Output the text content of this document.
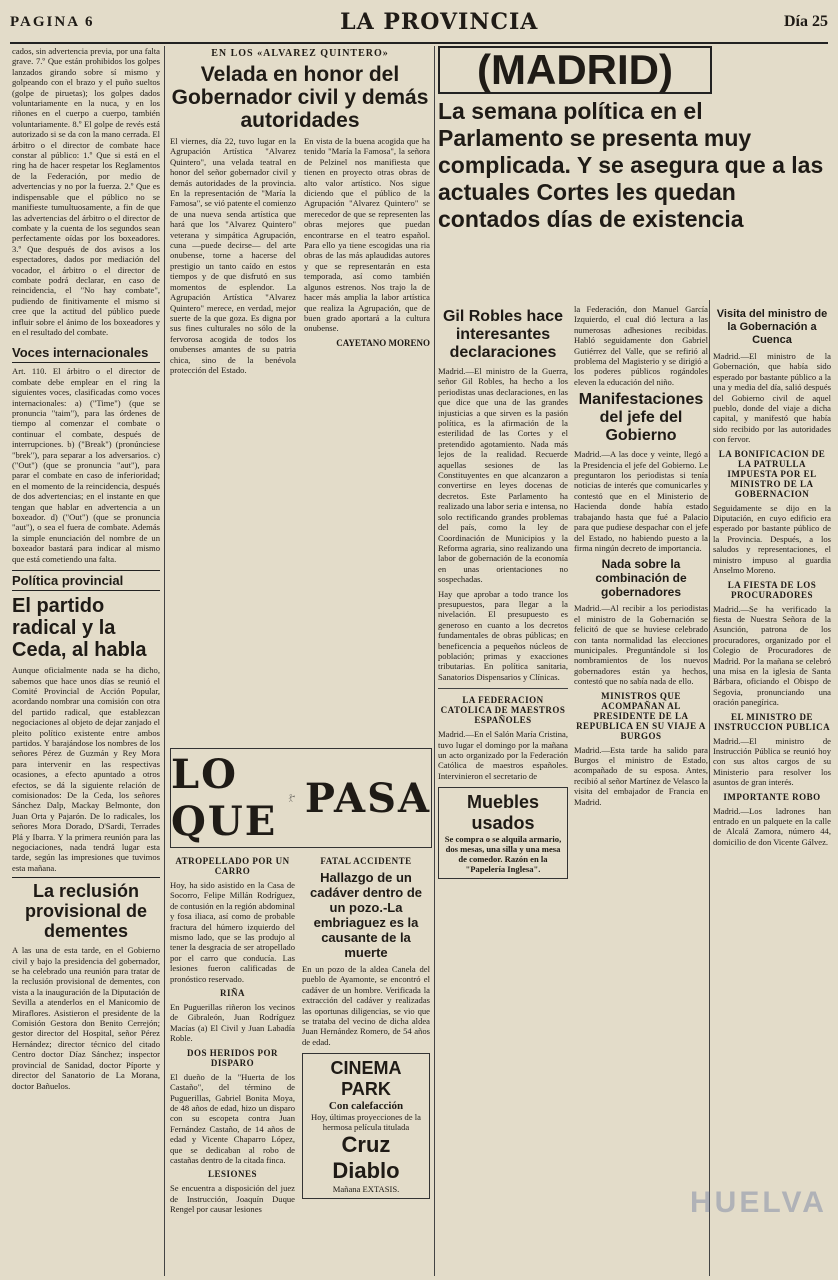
PAGINA 6	LA PROVINCIA	Día 25

cados, sin advertencia previa, por una falta grave. 7.º Que están prohibidos los golpes lanzados girando sobre sí mismo y golpeando con el brazo y el puño sueltos (golpe de piruetas); los golpes dados voluntariamente en la nuca, y en los riñones en el cuerpo a cuerpo, también voluntariamente. 8.º El golpe de revés está autorizado si se da con la mano cerrada. El árbitro o el director de combate hace constar al público: 1.º Que si está en el ring ha de hacer respetar los Reglamentos de la Federación, por medio de advertencias y no por la fuerza. 2.º Que es indispensable que el público no se manifieste tumultuosamente, a fin de que las advertencias del árbitro o el director de combate y la cuenta de los segundos sean perfectamente oídas por los boxeadores. 3.º Que después de dos avisos a los espectadores, dados por mediación del vocador, el árbitro o el director de combate podrá declarar, en caso de reincidencia, el "No hay combate", pudiendo de finitivamente el mismo si cree que la actitud del público puede influir sobre el ánimo de los boxeadores y en el resultado del combate.

Voces internacionales

Art. 110. El árbitro o el director de combate debe emplear en el ring la siguientes voces, clasificadas como voces internacionales: a) ("Time") (que se pronuncia "taim"), para las órdenes de tiempo al comenzar el combate o continuar el combate, después de interrupciones. b) ("Break") (pronúnciese "brek"), para separar a los adversarios. c) ("Out") (que se pronuncia "aut"), para parar el combate en caso de inferioridad; en el momento de la reincidencia, después de dos advertencias; en el instante en que tengan que hablar en advertencia a un boxeador. d) ("Out") (que se pronuncia "aut"), o sea el fuera de combate. Además la simple enunciación del nombre de un boxeador bastará para indicar al mismo que está cometiendo una falta.

Política provincial
El partido radical y la Ceda, al habla

Aunque oficialmente nada se ha dicho, sabemos que hace unos días se reunió el Comité Provincial de Acción Popular, acordando nombrar una comisión con otra del partido radical, que establezcan negociaciones al objeto de dejar zanjado el pleito político existente entre ambos partidos. Y barajándose los nombres de los señores Pérez de Guzmán y Rey Mora para intervenir en las respectivas ocasiones, a efecto apuntado a otros efectos, se dá la siguiente relación de comisionados: De la Ceda, los señores Sánchez Dalp, Mackay Belmonte, don Juan Orta y Pajarón. De lo radicales, los señores Mora Dorado, D'Sardi, Terrades Plá y Ibarra. Y la primera reunión para las negociaciones, nada tendrá lugar esta tarde, según las impresiones que tuvimos esta mañana.

La reclusión provisional de dementes

A las una de esta tarde, en el Gobierno civil y bajo la presidencia del gobernador, se ha celebrado una reunión para tratar de la reclusión provisional de dementes, con vista a la inauguración de la Diputación de Sevilla a atenderlos en el Manicomio de Miraflores. Asistieron el presidente de la Comisión Gestora don Benito Cerrejón; gestor director del Hospital, señor Pérez Hernández; director técnico del citado Centro doctor Díaz Sánchez; inspector provincial de Sanidad, doctor Píporte y director del Sanatorio de La Morana, doctor Bañuelos.

EN LOS «ALVAREZ QUINTERO»
Velada en honor del Gobernador civil y demás autoridades

El viernes, día 22, tuvo lugar en la Agrupación Artística "Alvarez Quintero", una velada teatral en honor del señor gobernador civil y demás autoridades de la provincia. En la representación de "María la Famosa", se vió patente el comienzo de una nueva senda artística que hará que los "Alvarez Quintero" veterana y simpática Agrupación, cuna —puede decirse— del arte onubense, torne a hacerse del prestigio un tanto caído en estos tiempos y de que disfrutó en sus momentos de esplendor. La Agrupación Artística "Alvarez Quintero" merece, en verdad, mejor suerte de la que goza. Es digna por sus fines culturales no sólo de la fervorosa acogida de todos los onubenses amantes de su patria chica, sino de la benévola protección del Estado.

En vista de la buena acogida que ha tenido "María la Famosa", la señora de Pelzinel nos manifiesta que tienen en proyecto otras obras de alto valor artístico. Nos sigue diciendo que el público de la Agrupación "Alvarez Quintero" se merecedor de que se representen las obras mejores que puedan encontrarse en el teatro español. Para ello ya tiene escogidas una ria obras de las más aplaudidas autores y que se representarán en esta temporada, así como también algunos estrenos. Nos trajo la de hacer más amplia la labor artística que realiza la Agrupación, que de buen grado aportará a la cultura onubense.

CAYETANO MORENO
LO QUE PASA
ATROPELLADO POR UN CARRO

Hoy, ha sido asistido en la Casa de Socorro, Felipe Millán Rodríguez, de contusión en la región abdominal y fosa iliaca, así como de probable fractura del húmero izquierdo del mismo lado, que se las produjo al tener la desgracia de ser atropellado por el carro que conducía. Las lesiones fueron calificadas de pronóstico reservado.

RIÑA

En Puguerillas riñeron los vecinos de Gibraleón, Juan Rodríguez Macías (a) El Civil y Juan Labadía Roble.

DOS HERIDOS POR DISPARO

El dueño de la "Huerta de los Castaño", del término de Puguerillas, Gabriel Bonita Moya, de 48 años de edad, hizo un disparo con su escopeta contra Juan Fernández Castaño, de 14 años de edad y Vicente Chaparro López, que se dedicaban al robo de castañas dentro de la citada finca.

LESIONES

Se encuentra a disposición del juez de Instrucción, Joaquín Duque Rengel por causar lesiones

FATAL ACCIDENTE
Hallazgo de un cadáver dentro de un pozo.-La embriaguez es la causante de la muerte

En un pozo de la aldea Canela del pueblo de Ayamonte, se encontró el cadáver de un hombre. Verificada la extracción del cadáver y realizadas las oportunas diligencias, se vio que se trataba del vecino de dicha aldea Juan Hernández Romero, de 54 años de edad.

CINEMA PARK
Con calefacción
Hoy, últimas proyecciones de la hermosa película titulada
Cruz Diablo
Mañana EXTASIS.
(MADRID)
La semana política en el Parlamento se presenta muy complicada. Y se asegura que a las actuales Cortes les quedan contados días de existencia
Gil Robles hace interesantes declaraciones

Madrid.—El ministro de la Guerra, señor Gil Robles, ha hecho a los periodistas unas declaraciones, en las que dice que una de las grandes injusticias a que sirven es la pasión política, es la afirmación de la esterilidad de las Cortes y el pretendido agotamiento. Nada más lejos de la realidad. Recuerde aquellas sesiones de las Constituyentes en que alcanzaron a convertirse en leyes docenas de decretos. Este Parlamento ha realizado una labor seria e intensa, no solo rectificando grandes problemas del país, como la ley de Coordinación de Municipios y la Reforma agraria, sino realizando una labor de gobernación de la economía en unas orientaciones no sospechadas.

Hay que aprobar a todo trance los presupuestos, para llegar a la nivelación. El presupuesto es generoso en cuanto a los decretos fundamentales de obras públicas; en beneficencia a pequeños núcleos de población; primas y exacciones tributarias. En política sanitaria, Sanatorios Dispensarios y Clínicas.

LA FEDERACION CATOLICA DE MAESTROS ESPAÑOLES

Madrid.—En el Salón María Cristina, tuvo lugar el domingo por la mañana un acto organizado por la Federación Católica de maestros españoles. Intervinieron el secretario de

Muebles usados
Se compra o se alquila armario, dos mesas, una silla y una mesa de comedor. Razón en la "Papelería Inglesa".

la Federación, don Manuel García Izquierdo, el cual dió lectura a las numerosas adhesiones recibidas. Habló seguidamente don Gabriel Gutiérrez del Valle, que se refirió al problema del Magisterio y se dirigió a los poderes públicos rogándoles eleven la educación del niño.

Manifestaciones del jefe del Gobierno

Madrid.—A las doce y veinte, llegó a la Presidencia el jefe del Gobierno. Le preguntaron los periodistas si tenía noticias de interés que comunicarles y contestó que en el Ministerio de Hacienda donde había estado trabajando hasta que fué a Palacio para que pudiese despachar con el jefe del Estado, no habiendo puesto a la firma ningún decreto de importancia.

Nada sobre la combinación de gobernadores

Madrid.—Al recibir a los periodistas el ministro de la Gobernación se felicitó de que se huviese celebrado con tanta normalidad las elecciones municipales. Preguntándole si los nombramientos de los nuevos gobernadores están ya hechos, contestó que no sabía nada de ello.

MINISTROS QUE ACOMPAÑAN AL PRESIDENTE DE LA REPUBLICA EN SU VIAJE A BURGOS

Madrid.—Esta tarde ha salido para Burgos el ministro de Estado, acompañado de su esposa. Antes, recibió al señor Martínez de Velasco la visita del embajador de Francia en Madrid.

Visita del ministro de la Gobernación a Cuenca

Madrid.—El ministro de la Gobernación, que había sido esperado por bastante público a la una y media del día, salió después del Gobierno civil de aquel pueblo, donde del viaje a dicha capital, y manifestó que había sido recibido por las autoridades con fervor.

LA BONIFICACION DE LA PATRULLA IMPUESTA POR EL MINISTRO DE LA GOBERNACION

Seguidamente se dijo en la Diputación, en cuyo edificio era esperado por bastante público de la Provincia. Después, a los saludos y representaciones, el ministro impuso al guardia Anselmo Moreno.

LA FIESTA DE LOS PROCURADORES

Madrid.—Se ha verificado la fiesta de Nuestra Señora de la Asunción, patrona de los procuradores, organizado por el Colegio de Procuradores de Madrid. Por la mañana se celebró una misa en la iglesia de Santa Bárbara, oficiando el Obispo de Segovia, pronunciando una oración panegírica.

EL MINISTRO DE INSTRUCCION PUBLICA

Madrid.—El ministro de Instrucción Pública se reunió hoy con sus altos cargos de su Ministerio para resolver los asuntos de gran interés.

IMPORTANTE ROBO

Madrid.—Los ladrones han entrado en un palquete en la calle de Alcalá Zamora, número 44, domicilio de don Vicente Gálvez.

HUELVA
